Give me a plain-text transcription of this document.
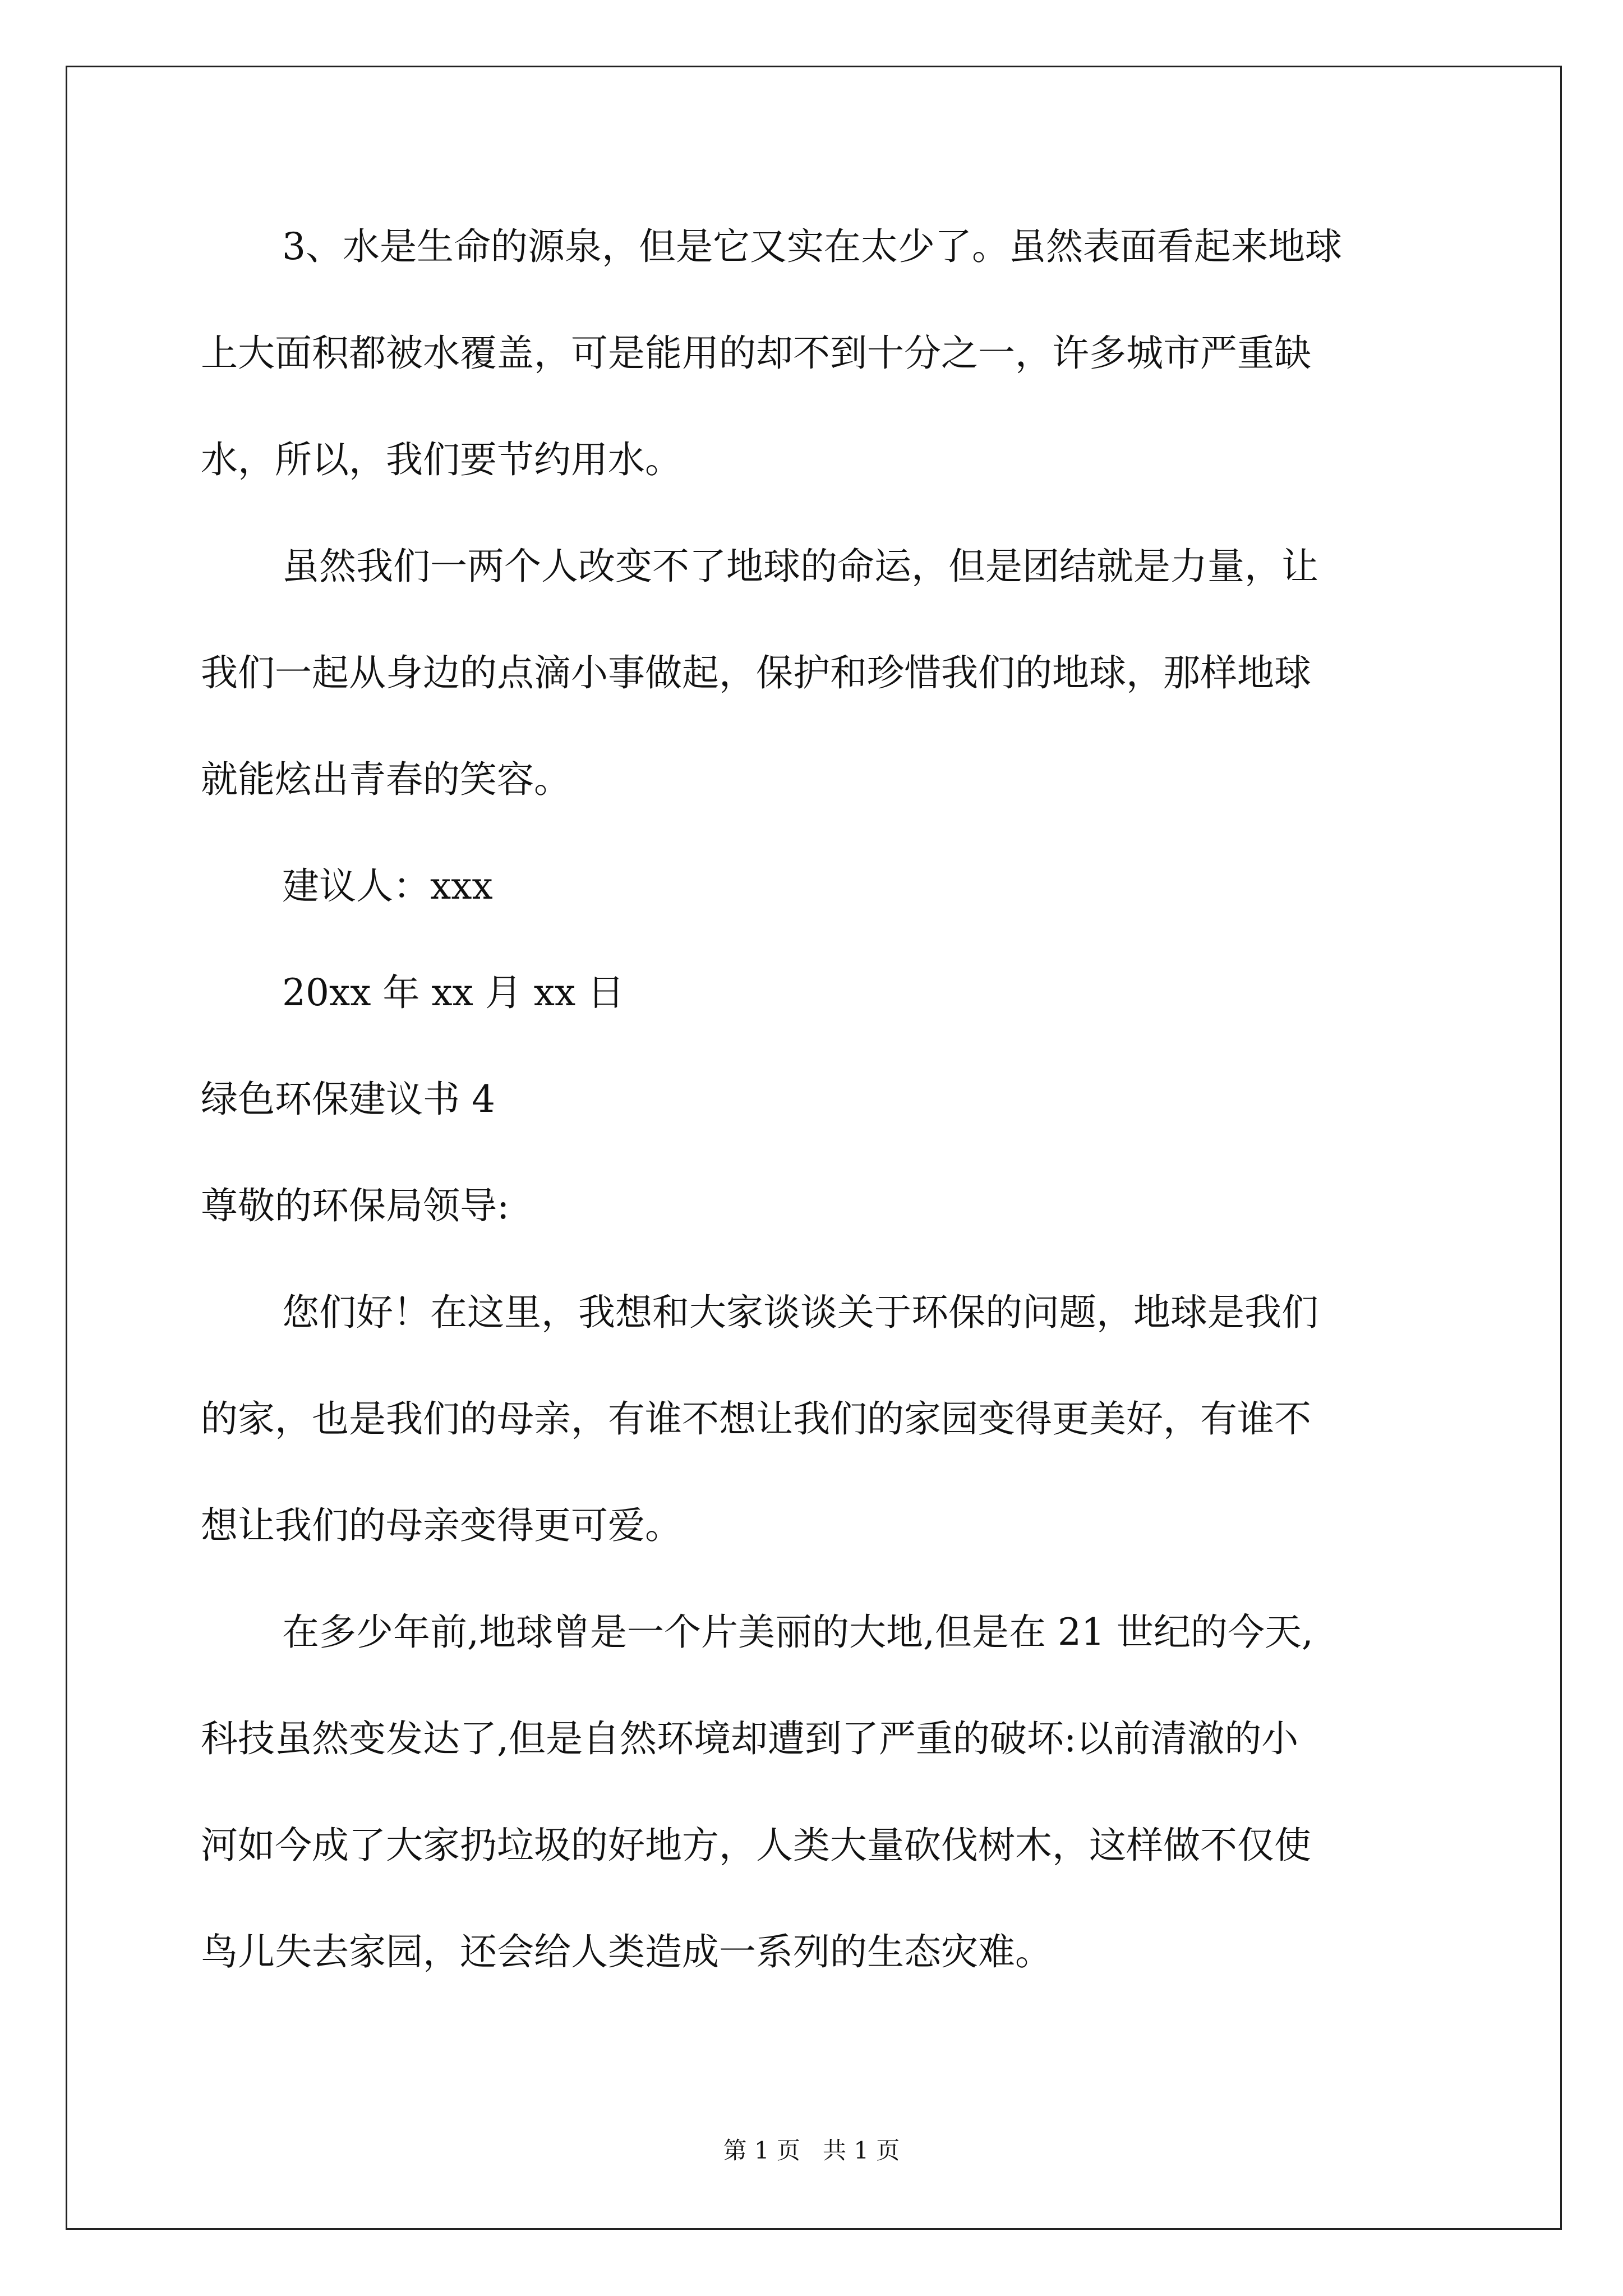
3、水是生命的源泉，但是它又实在太少了。虽然表面看起来地球
上大面积都被水覆盖，可是能用的却不到十分之一，许多城市严重缺
水，所以，我们要节约用水。
虽然我们一两个人改变不了地球的命运，但是团结就是力量，让
我们一起从身边的点滴小事做起，保护和珍惜我们的地球，那样地球
就能炫出青春的笑容。
建议人：xxx
20xx 年 xx 月 xx 日
绿色环保建议书 4
尊敬的环保局领导:
您们好！在这里，我想和大家谈谈关于环保的问题，地球是我们
的家，也是我们的母亲，有谁不想让我们的家园变得更美好，有谁不
想让我们的母亲变得更可爱。
在多少年前,地球曾是一个片美丽的大地,但是在 21 世纪的今天,
科技虽然变发达了,但是自然环境却遭到了严重的破坏:以前清澈的小
河如今成了大家扔垃圾的好地方，人类大量砍伐树木，这样做不仅使
鸟儿失去家园，还会给人类造成一系列的生态灾难。
第 1 页 共 1 页
